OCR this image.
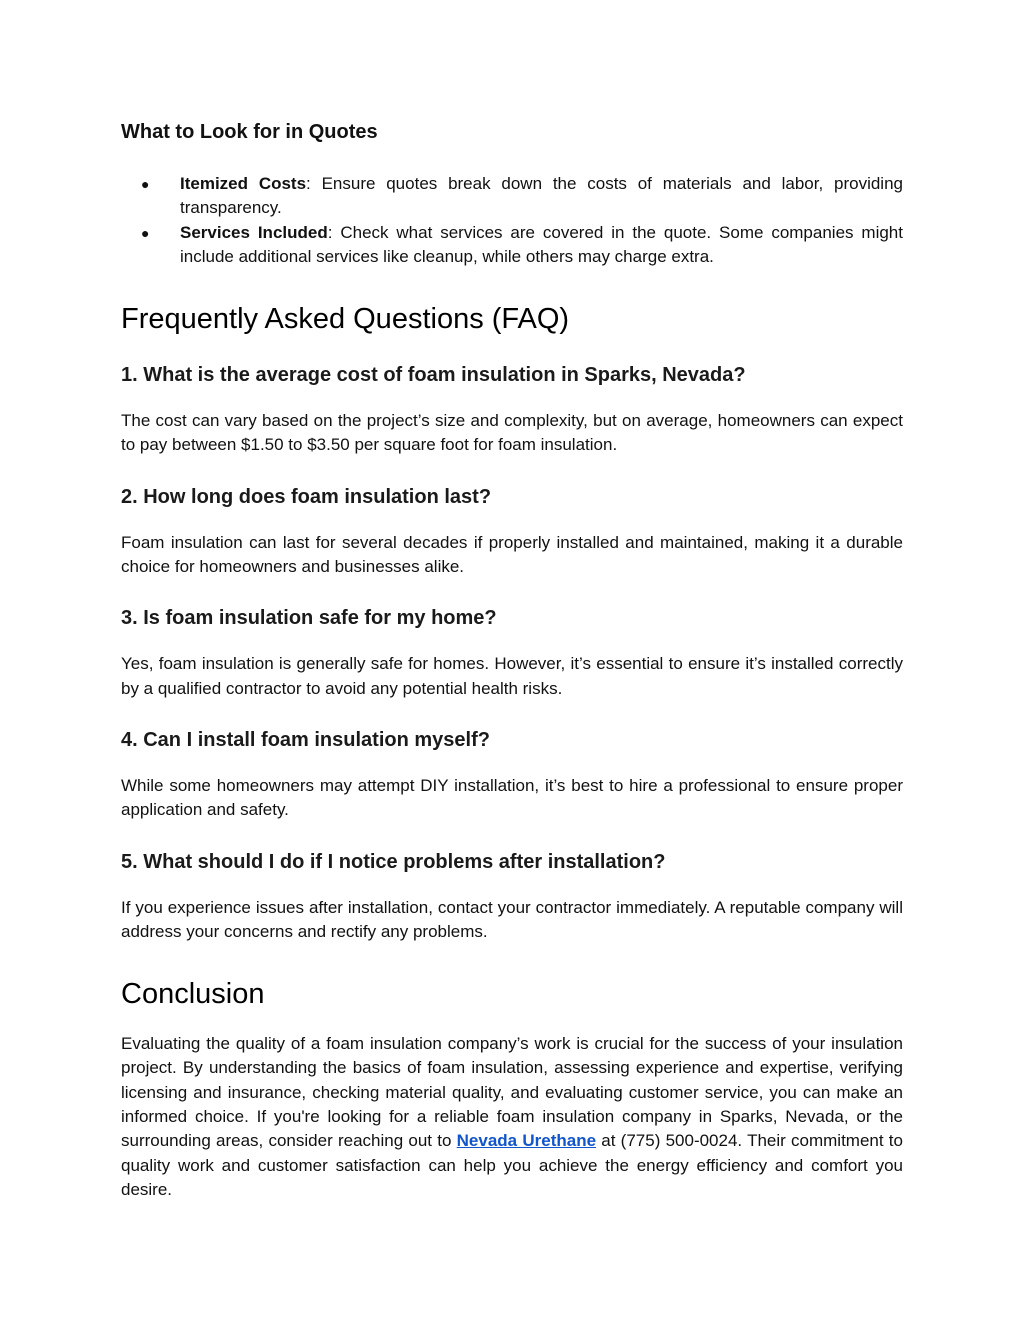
What to Look for in Quotes
● Itemized Costs: Ensure quotes break down the costs of materials and labor, providing transparency.
● Services Included: Check what services are covered in the quote. Some companies might include additional services like cleanup, while others may charge extra.
Frequently Asked Questions (FAQ)
1. What is the average cost of foam insulation in Sparks, Nevada?

The cost can vary based on the project’s size and complexity, but on average, homeowners can expect to pay between $1.50 to $3.50 per square foot for foam insulation.

2. How long does foam insulation last?

Foam insulation can last for several decades if properly installed and maintained, making it a durable choice for homeowners and businesses alike.

3. Is foam insulation safe for my home?

Yes, foam insulation is generally safe for homes. However, it’s essential to ensure it’s installed correctly by a qualified contractor to avoid any potential health risks.

4. Can I install foam insulation myself?

While some homeowners may attempt DIY installation, it’s best to hire a professional to ensure proper application and safety.

5. What should I do if I notice problems after installation?

If you experience issues after installation, contact your contractor immediately. A reputable company will address your concerns and rectify any problems.

Conclusion

Evaluating the quality of a foam insulation company’s work is crucial for the success of your insulation project. By understanding the basics of foam insulation, assessing experience and expertise, verifying licensing and insurance, checking material quality, and evaluating customer service, you can make an informed choice. If you're looking for a reliable foam insulation company in Sparks, Nevada, or the surrounding areas, consider reaching out to Nevada Urethane at (775) 500-0024. Their commitment to quality work and customer satisfaction can help you achieve the energy efficiency and comfort you desire.
